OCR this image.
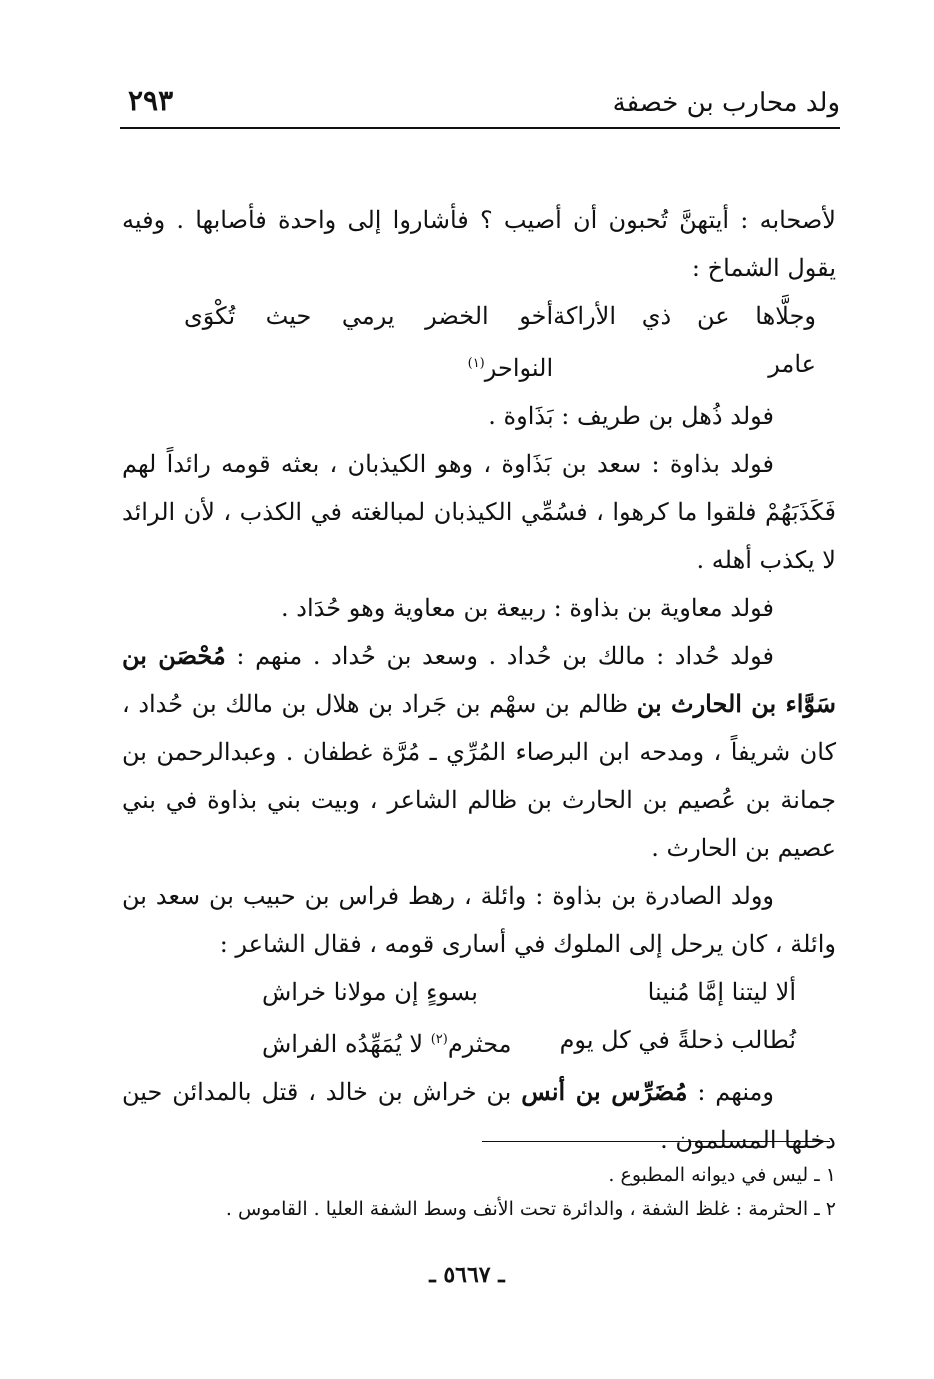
ولد محارب بن خصفة
٢٩٣

لأصحابه : أيتهنَّ تُحبون أن أصيب ؟ فأشاروا إلى واحدة فأصابها . وفيه يقول الشماخ :

وجلَّاها عن ذي الأراكة عامر
أخو الخضر يرمي حيث تُكْوَى النواحر$^{(١)}$

فولد ذُهل بن طريف : بَذَاوة .

فولد بذاوة : سعد بن بَذَاوة ، وهو الكيذبان ، بعثه قومه رائداً لهم فَكَذَبَهُمْ فلقوا ما كرهوا ، فسُمِّي الكيذبان لمبالغته في الكذب ، لأن الرائد لا يكذب أهله .

فولد معاوية بن بذاوة : ربيعة بن معاوية وهو حُدَاد .

فولد حُداد : مالك بن حُداد . وسعد بن حُداد . منهم : مُحْصَن بن سَوَّاء بن الحارث بن ظالم بن سهْم بن جَراد بن هلال بن مالك بن حُداد ، كان شريفاً ، ومدحه ابن البرصاء المُرِّي ـ مُرَّة غطفان . وعبدالرحمن بن جمانة بن عُصيم بن الحارث بن ظالم الشاعر ، وبيت بني بذاوة في بني عصيم بن الحارث .

وولد الصادرة بن بذاوة : وائلة ، رهط فراس بن حبيب بن سعد بن وائلة ، كان يرحل إلى الملوك في أسارى قومه ، فقال الشاعر :

ألا ليتنا إمَّا مُنينا
بسوءٍ إن مولانا خراش
نُطالب ذحلةً في كل يوم
محثرم$^{(٢)}$ لا يُمَهِّدُه الفراش

ومنهم : مُضَرِّس بن أنس بن خراش بن خالد ، قتل بالمدائن حين دخلها المسلمون .

١ ـ ليس في ديوانه المطبوع .

٢ ـ الحثرمة : غلظ الشفة ، والدائرة تحت الأنف وسط الشفة العليا . القاموس .

ـ ٥٦٦٧ ـ
